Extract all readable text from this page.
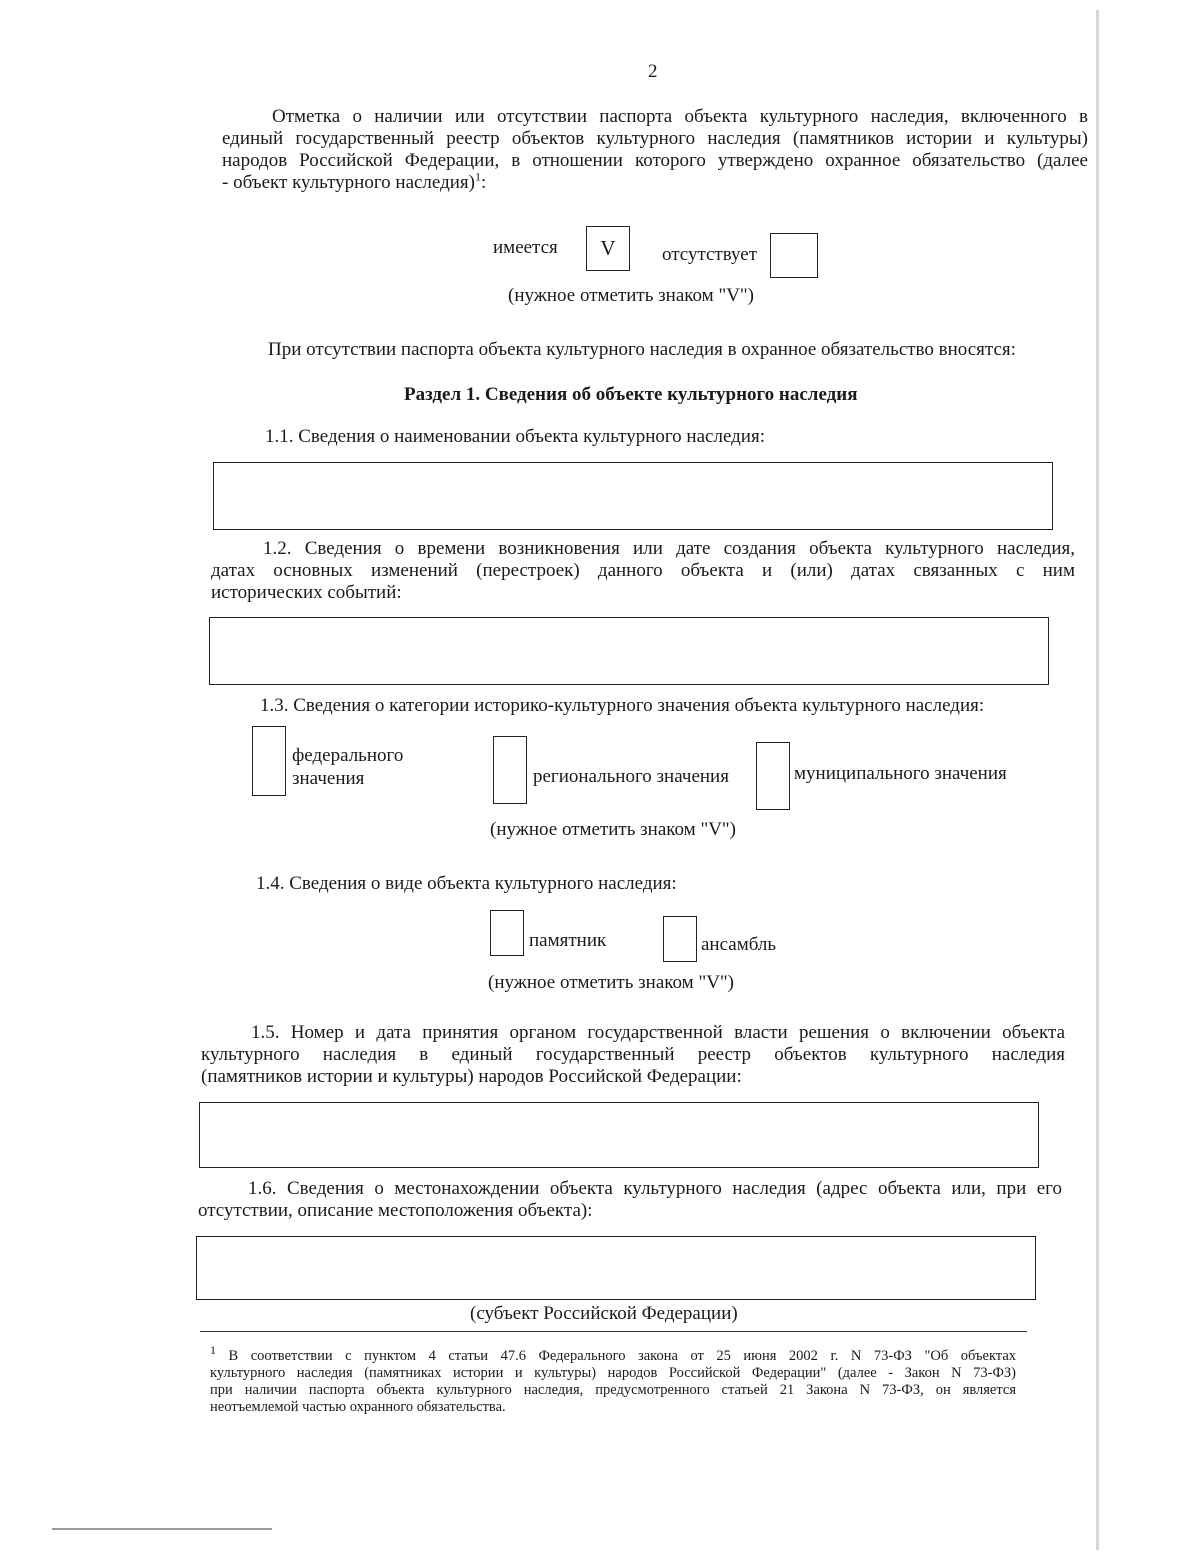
2
Отметка о наличии или отсутствии паспорта объекта культурного наследия, включенного в
единый государственный реестр объектов культурного наследия (памятников истории и культуры)
народов Российской Федерации, в отношении которого утверждено охранное обязательство (далее
- объект культурного наследия)$^1$:
имеется	V	отсутствует
(нужное отметить знаком "V")
При отсутствии паспорта объекта культурного наследия в охранное обязательство вносятся:
Раздел 1. Сведения об объекте культурного наследия
1.1. Сведения о наименовании объекта культурного наследия:
1.2. Сведения о времени возникновения или дате создания объекта культурного наследия,
датах основных изменений (перестроек) данного объекта и (или) датах связанных с ним
исторических событий:
1.3. Сведения о категории историко-культурного значения объекта культурного наследия:
федерального
значения	регионального значения	муниципального значения
(нужное отметить знаком "V")
1.4. Сведения о виде объекта культурного наследия:
памятник	ансамбль
(нужное отметить знаком "V")
1.5. Номер и дата принятия органом государственной власти решения о включении объекта
культурного наследия в единый государственный реестр объектов культурного наследия
(памятников истории и культуры) народов Российской Федерации:
1.6. Сведения о местонахождении объекта культурного наследия (адрес объекта или, при его
отсутствии, описание местоположения объекта):
(субъект Российской Федерации)
$^1$ В соответствии с пунктом 4 статьи 47.6 Федерального закона от 25 июня 2002 г. N 73-ФЗ "Об объектах
культурного наследия (памятниках истории и культуры) народов Российской Федерации" (далее - Закон N 73-ФЗ)
при наличии паспорта объекта культурного наследия, предусмотренного статьей 21 Закона N 73-ФЗ, он является
неотъемлемой частью охранного обязательства.
